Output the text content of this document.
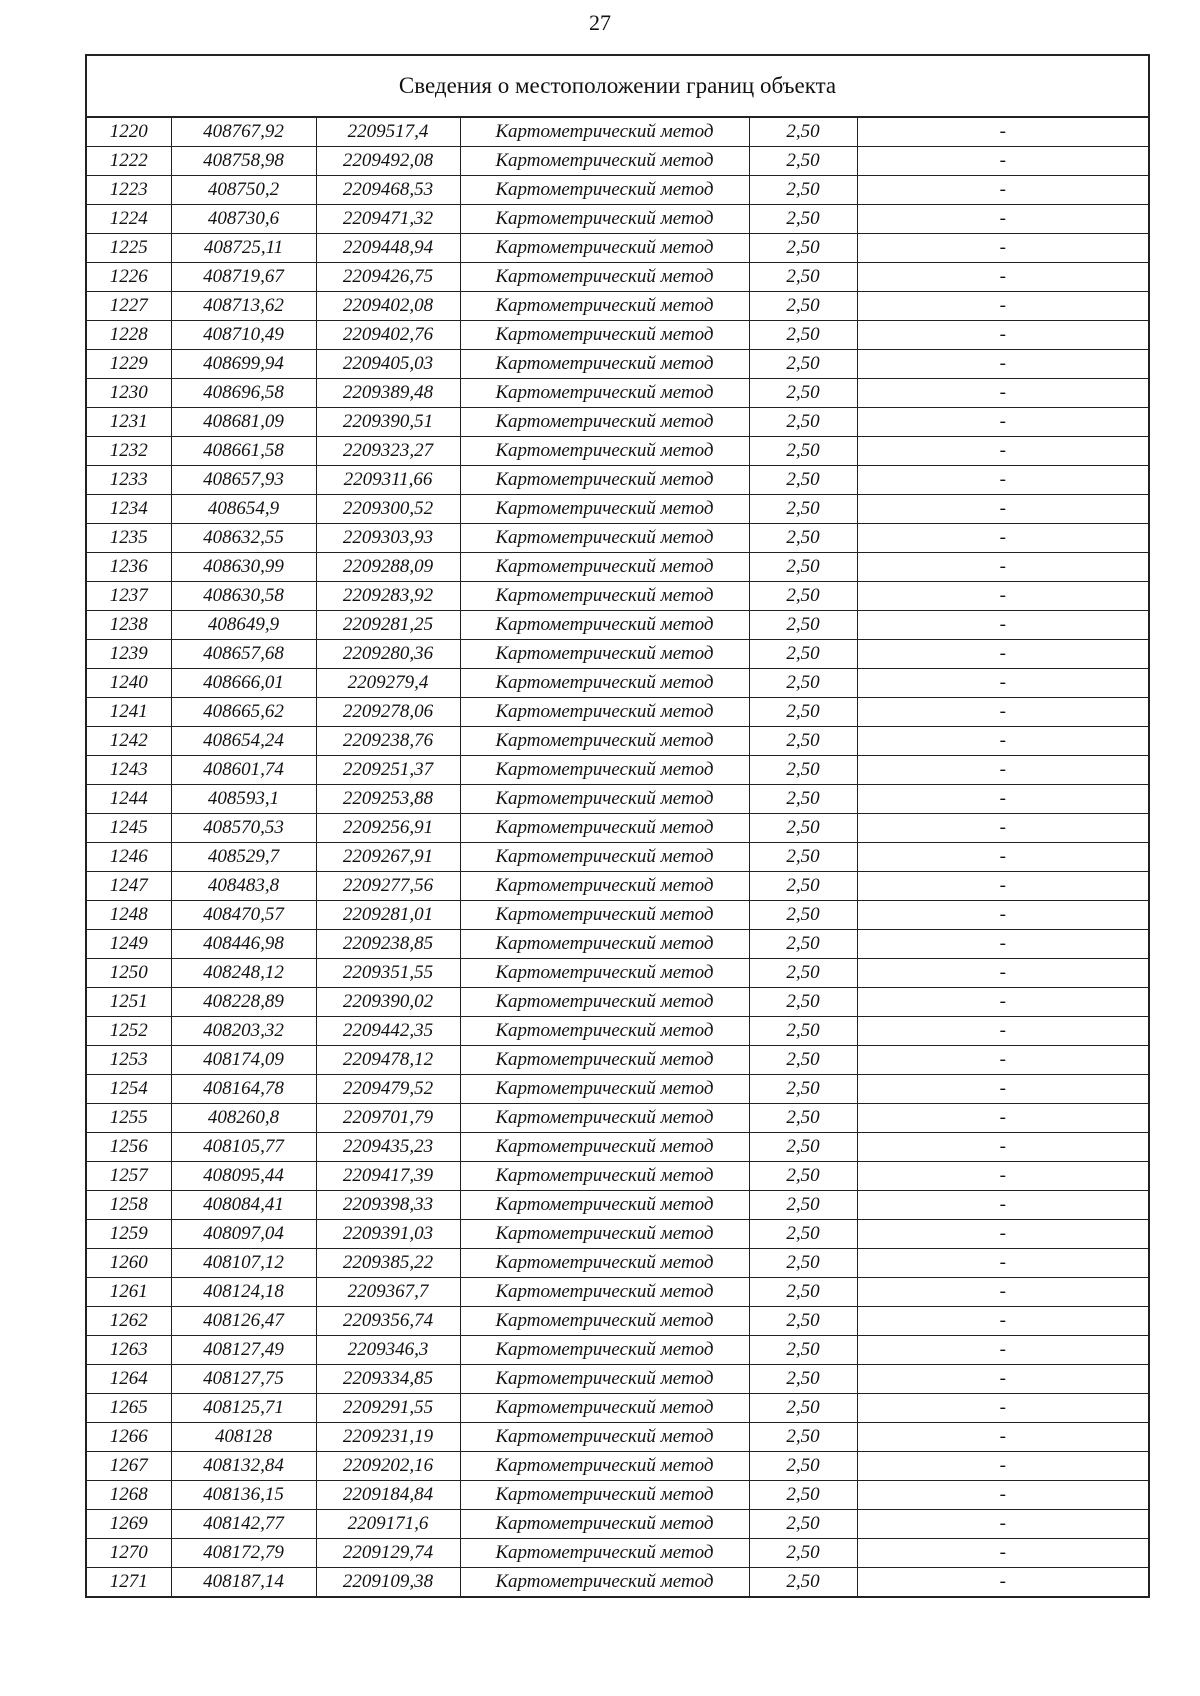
27
Сведения о местоположении границ объекта					
1220	408767,92	2209517,4	Картометрический метод	2,50	-
1222	408758,98	2209492,08	Картометрический метод	2,50	-
1223	408750,2	2209468,53	Картометрический метод	2,50	-
1224	408730,6	2209471,32	Картометрический метод	2,50	-
1225	408725,11	2209448,94	Картометрический метод	2,50	-
1226	408719,67	2209426,75	Картометрический метод	2,50	-
1227	408713,62	2209402,08	Картометрический метод	2,50	-
1228	408710,49	2209402,76	Картометрический метод	2,50	-
1229	408699,94	2209405,03	Картометрический метод	2,50	-
1230	408696,58	2209389,48	Картометрический метод	2,50	-
1231	408681,09	2209390,51	Картометрический метод	2,50	-
1232	408661,58	2209323,27	Картометрический метод	2,50	-
1233	408657,93	2209311,66	Картометрический метод	2,50	-
1234	408654,9	2209300,52	Картометрический метод	2,50	-
1235	408632,55	2209303,93	Картометрический метод	2,50	-
1236	408630,99	2209288,09	Картометрический метод	2,50	-
1237	408630,58	2209283,92	Картометрический метод	2,50	-
1238	408649,9	2209281,25	Картометрический метод	2,50	-
1239	408657,68	2209280,36	Картометрический метод	2,50	-
1240	408666,01	2209279,4	Картометрический метод	2,50	-
1241	408665,62	2209278,06	Картометрический метод	2,50	-
1242	408654,24	2209238,76	Картометрический метод	2,50	-
1243	408601,74	2209251,37	Картометрический метод	2,50	-
1244	408593,1	2209253,88	Картометрический метод	2,50	-
1245	408570,53	2209256,91	Картометрический метод	2,50	-
1246	408529,7	2209267,91	Картометрический метод	2,50	-
1247	408483,8	2209277,56	Картометрический метод	2,50	-
1248	408470,57	2209281,01	Картометрический метод	2,50	-
1249	408446,98	2209238,85	Картометрический метод	2,50	-
1250	408248,12	2209351,55	Картометрический метод	2,50	-
1251	408228,89	2209390,02	Картометрический метод	2,50	-
1252	408203,32	2209442,35	Картометрический метод	2,50	-
1253	408174,09	2209478,12	Картометрический метод	2,50	-
1254	408164,78	2209479,52	Картометрический метод	2,50	-
1255	408260,8	2209701,79	Картометрический метод	2,50	-
1256	408105,77	2209435,23	Картометрический метод	2,50	-
1257	408095,44	2209417,39	Картометрический метод	2,50	-
1258	408084,41	2209398,33	Картометрический метод	2,50	-
1259	408097,04	2209391,03	Картометрический метод	2,50	-
1260	408107,12	2209385,22	Картометрический метод	2,50	-
1261	408124,18	2209367,7	Картометрический метод	2,50	-
1262	408126,47	2209356,74	Картометрический метод	2,50	-
1263	408127,49	2209346,3	Картометрический метод	2,50	-
1264	408127,75	2209334,85	Картометрический метод	2,50	-
1265	408125,71	2209291,55	Картометрический метод	2,50	-
1266	408128	2209231,19	Картометрический метод	2,50	-
1267	408132,84	2209202,16	Картометрический метод	2,50	-
1268	408136,15	2209184,84	Картометрический метод	2,50	-
1269	408142,77	2209171,6	Картометрический метод	2,50	-
1270	408172,79	2209129,74	Картометрический метод	2,50	-
1271	408187,14	2209109,38	Картометрический метод	2,50	-
